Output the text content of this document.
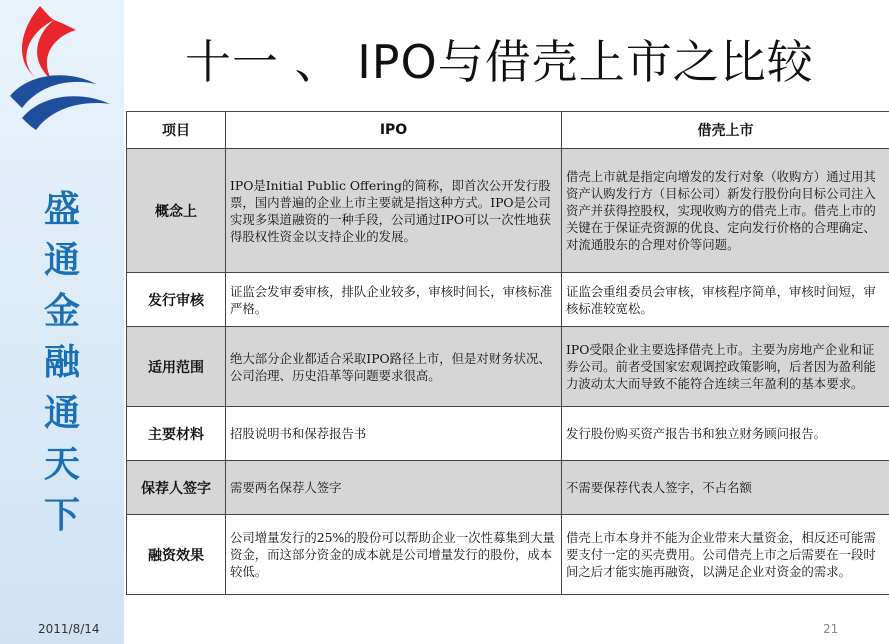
盛
通
金
融
通
天
下
2011/8/14
十一 、 IPO与借壳上市之比较
项目	IPO	借壳上市
概念上	IPO是Initial Public Offering的简称，即首次公开发行股票，国内普遍的企业上市主要就是指这种方式。IPO是公司实现多渠道融资的一种手段，公司通过IPO可以一次性地获得股权性资金以支持企业的发展。	借壳上市就是指定向增发的发行对象（收购方）通过用其资产认购发行方（目标公司）新发行股份向目标公司注入资产并获得控股权，实现收购方的借壳上市。借壳上市的关键在于保证壳资源的优良、定向发行价格的合理确定、对流通股东的合理对价等问题。
发行审核	证监会发审委审核，排队企业较多，审核时间长，审核标准严格。	证监会重组委员会审核，审核程序简单，审核时间短，审核标准较宽松。
适用范围	绝大部分企业都适合采取IPO路径上市，但是对财务状况、公司治理、历史沿革等问题要求很高。	IPO受限企业主要选择借壳上市。主要为房地产企业和证券公司。前者受国家宏观调控政策影响，后者因为盈利能力波动太大而导致不能符合连续三年盈利的基本要求。
主要材料	招股说明书和保荐报告书	发行股份购买资产报告书和独立财务顾问报告。
保荐人签字	需要两名保荐人签字	不需要保荐代表人签字，不占名额
融资效果	公司增量发行的25%的股份可以帮助企业一次性募集到大量资金，而这部分资金的成本就是公司增量发行的股份，成本较低。	借壳上市本身并不能为企业带来大量资金，相反还可能需要支付一定的买壳费用。公司借壳上市之后需要在一段时间之后才能实施再融资，以满足企业对资金的需求。
21
